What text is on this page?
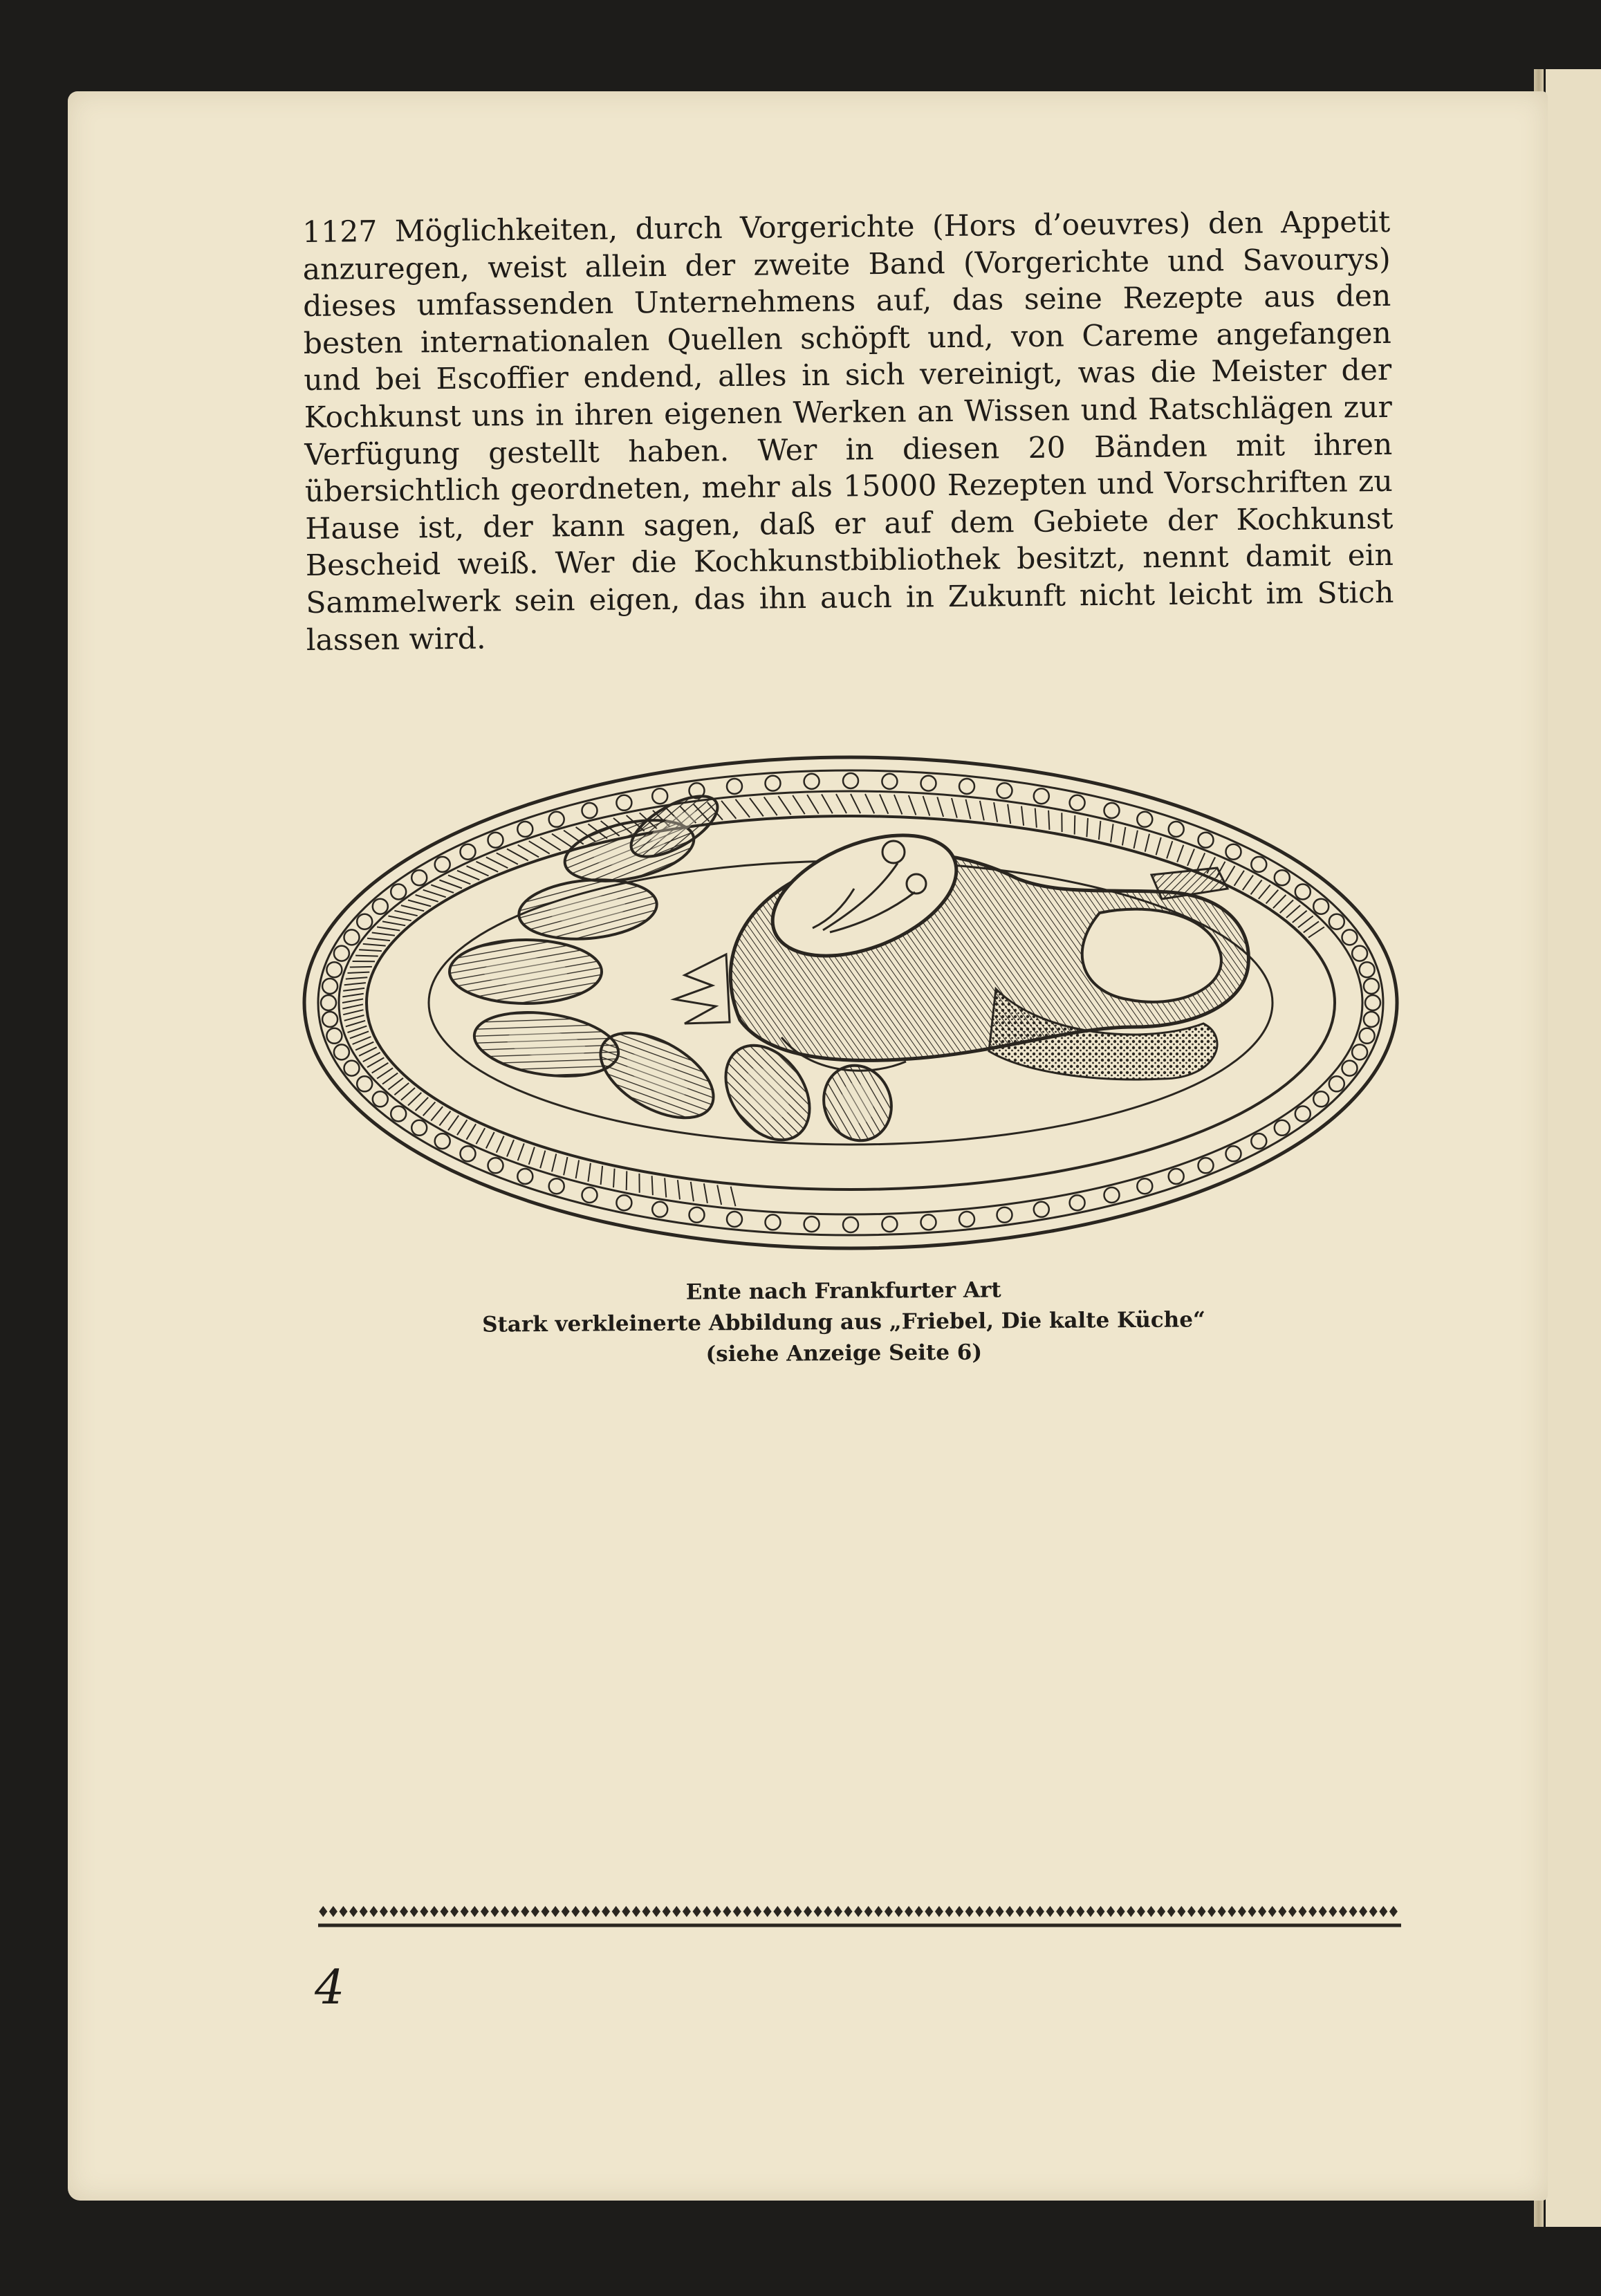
1127 Möglichkeiten, durch Vorgerichte (Hors d’oeuvres) den Appetit anzuregen, weist allein der zweite Band (Vorgerichte und Savourys) dieses umfassenden Unternehmens auf, das seine Rezepte aus den besten internationalen Quellen schöpft und, von Careme angefangen und bei Escoffier endend, alles in sich vereinigt, was die Meister der Kochkunst uns in ihren eigenen Werken an Wissen und Ratschlägen zur Verfügung gestellt haben. Wer in diesen 20 Bänden mit ihren übersichtlich geordneten, mehr als 15000 Rezepten und Vorschriften zu Hause ist, der kann sagen, daß er auf dem Gebiete der Kochkunst Bescheid weiß. Wer die Kochkunstbibliothek besitzt, nennt damit ein Sammelwerk sein eigen, das ihn auch in Zukunft nicht leicht im Stich lassen wird.

Ente nach Frankfurter Art
Stark verkleinerte Abbildung aus „Friebel, Die kalte Küche“
(siehe Anzeige Seite 6)
4
